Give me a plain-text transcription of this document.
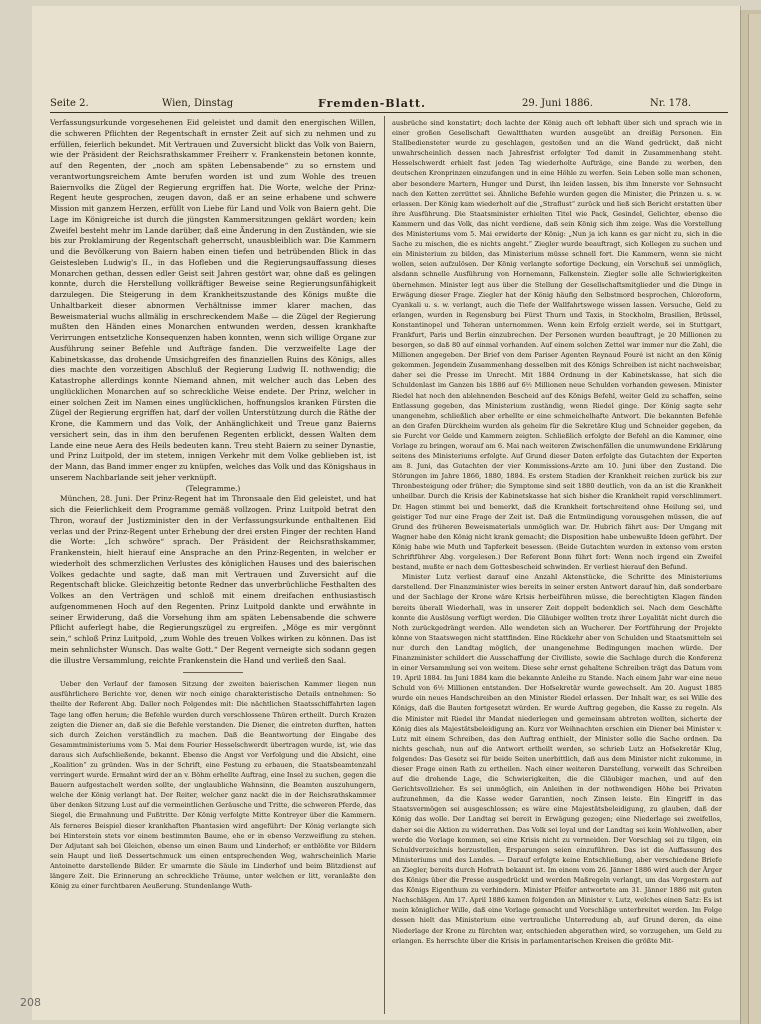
Seite 2.	Wien, Dinstag	Fremden-Blatt.	29. Juni 1886.	Nr. 178.

Verfassungsurkunde vorgesehenen Eid geleistet und damit den energischen Willen, die schweren Pflichten der Regentschaft in ernster Zeit auf sich zu nehmen und zu erfüllen, feierlich bekundet. Mit Vertrauen und Zuversicht blickt das Volk von Baiern, wie der Präsident der Reichsrathskammer Freiherr v. Frankenstein betonen konnte, auf den Regenten, der „noch am späten Lebensabende“ zu so ernstem und verantwortungsreichem Amte berufen worden ist und zum Wohle des treuen Baiernvolks die Zügel der Regierung ergriffen hat. Die Worte, welche der Prinz-Regent heute gesprochen, zeugen davon, daß er an seine erhabene und schwere Mission mit ganzem Herzen, erfüllt von Liebe für Land und Volk von Baiern geht. Die Lage im Königreiche ist durch die jüngsten Kammersitzungen geklärt worden; kein Zweifel besteht mehr im Lande darüber, daß eine Änderung in den Zuständen, wie sie bis zur Proklamirung der Regentschaft geherrscht, unausbleiblich war. Die Kammern und die Bevölkerung von Baiern haben einen tiefen und betrübenden Blick in das Geistesleben Ludwig's II., in das Hofleben und die Regierungsauffassung dieses Monarchen gethan, dessen edler Geist seit Jahren gestört war, ohne daß es gelingen konnte, durch die Herstellung vollkräftiger Beweise seine Regierungsunfähigkeit darzulegen. Die Steigerung in dem Krankheitszustande des Königs mußte die Unhaltbarkeit dieser abnormen Verhältnisse immer klarer machen, das Beweismaterial wuchs allmälig in erschreckendem Maße — die Zügel der Regierung mußten den Händen eines Monarchen entwunden werden, dessen krankhafte Verirrungen entsetzliche Konsequenzen haben konnten, wenn sich willige Organe zur Ausführung seiner Befehle und Aufträge fanden. Die verzweifelte Lage der Kabinetskasse, das drohende Umsichgreifen des finanziellen Ruins des Königs, alles dies machte den vorzeitigen Abschluß der Regierung Ludwig II. nothwendig; die Katastrophe allerdings konnte Niemand ahnen, mit welcher auch das Leben des unglücklichen Monarchen auf so schreckliche Weise endete. Der Prinz, welcher in einer solchen Zeit im Namen eines unglücklichen, hoffnungslos kranken Fürsten die Zügel der Regierung ergriffen hat, darf der vollen Unterstützung durch die Räthe der Krone, die Kammern und das Volk, der Anhänglichkeit und Treue ganz Baierns versichert sein, das in ihm den berufenen Regenten erblickt, dessen Walten dem Lande eine neue Aera des Heils bedeuten kann. Treu steht Baiern zu seiner Dynastie, und Prinz Luitpold, der im stetem, innigen Verkehr mit dem Volke geblieben ist, ist der Mann, das Band immer enger zu knüpfen, welches das Volk und das Königshaus in unserem Nachbarlande seit jeher verknüpft.

(Telegramme.)

München, 28. Juni. Der Prinz-Regent hat im Thronsaale den Eid geleistet, und hat sich die Feierlichkeit dem Programme gemäß vollzogen. Prinz Luitpold betrat den Thron, worauf der Justizminister den in der Verfassungsurkunde enthaltenen Eid verlas und der Prinz-Regent unter Erhebung der drei ersten Finger der rechten Hand die Worte: „Ich schwöre“ sprach. Der Präsident der Reichsrathskammer, Frankenstein, hielt hierauf eine Ansprache an den Prinz-Regenten, in welcher er wiederholt des schmerzlichen Verlustes des königlichen Hauses und des baierischen Volkes gedachte und sagte, daß man mit Vertrauen und Zuversicht auf die Regentschaft blicke. Gleichzeitig betonte Redner das unverbrüchliche Festhalten des Volkes an den Verträgen und schloß mit einem dreifachen enthusiastisch aufgenommenen Hoch auf den Regenten. Prinz Luitpold dankte und erwähnte in seiner Erwiderung, daß die Vorsehung ihm am späten Lebensabende die schwere Pflicht auferlegt habe, die Regierungszügel zu ergreifen. „Möge es mir vergönnt sein,“ schloß Prinz Luitpold, „zum Wohle des treuen Volkes wirken zu können. Das ist mein sehnlichster Wunsch. Das walte Gott.“ Der Regent verneigte sich sodann gegen die illustre Versammlung, reichte Frankenstein die Hand und verließ den Saal.

Ueber den Verlauf der famosen Sitzung der zweiten baierischen Kammer liegen nun ausführlichere Berichte vor, denen wir noch einige charakteristische Details entnehmen: So theilte der Referent Abg. Daller noch Folgendes mit: Die nächtlichen Staatsschiffahrten lagen Tage lang offen herum; die Befehle wurden durch verschlossene Thüren ertheilt. Durch Krazen zeigten die Diener an, daß sie die Befehle verstanden. Die Diener, die eintreten durften, hatten sich durch Zeichen verständlich zu machen. Daß die Beantwortung der Eingabe des Gesammtministeriums vom 5. Mai dem Fourier Hesselschwerdt übertragen wurde, ist, wie das daraus sich Aufschließende, bekannt. Ebenso die Angst vor Verfolgung und die Absicht, eine „Koalition“ zu gründen. Was in der Schrift, eine Festung zu erbauen, die Staatsbeamtenzahl verringert wurde. Ermahnt wird der an v. Böhm erhellte Auftrag, eine Insel zu suchen, gegen die Bauern aufgestachelt werden sollte, der unglaubliche Wahnsinn, die Beamten auszuhungern, welche der König verlangt hat. Der Reiter, welcher ganz nackt die in der Reichsrathskammer über denken Sitzung Lust auf die vermeintlichen Geräusche und Tritte, die schweren Pferde, das Siegel, die Ermahnung und Fußtritte. Der König verfolgte Mitte Kontreyer über die Kammern. Als ferneres Beispiel dieser krankhaften Phantasien wird angeführt: Der König verlangte sich bei Hinterstein stets vor einem bestimmten Baume, ehe er in ebenso Verzweiflung zu stehen. Der Adjutant sah bei Gleichen, ebenso um einen Baum und Linderhof; er entblößte vor Bildern sein Haupt und ließ Dessertschmuck um einen entsprechenden Weg, wahrscheinlich Marie Antoinette darstellende Bilder. Er umarmte die Säule im Linderhof und beim Blitzdienst auf längere Zeit. Die Erinnerung an schreckliche Träume, unter welchen er litt, veranlaßte den König zu einer furchtbaren Aeußerung. Stundenlange Wuth-

ausbrüche sind konstatirt; doch lachte der König auch oft lebhaft über sich und sprach wie in einer großen Gesellschaft Gewaltthaten wurden ausgeübt an dreißig Personen. Ein Stallbediensteter wurde zu geschlagen, gestoßen und an die Wand gedrückt, daß nicht unwahrscheinlich dessen nach Jahresfrist erfolgter Tod damit in Zusammenhang steht. Hesselschwerdt erhielt fast jeden Tag wiederholte Aufträge, eine Bande zu werben, den deutschen Kronprinzen einzufangen und in eine Höhle zu werfen. Sein Leben solle man schonen, aber besondere Martern, Hunger und Durst, ihn leiden lassen, bis ihm Innerste vor Sehnsucht nach den Ketten zerrüttet sei. Ähnliche Befehle wurden gegen die Minister, die Prinzen u. s. w. erlassen. Der König kam wiederholt auf die „Straflust“ zurück und ließ sich Bericht erstatten über ihre Ausführung. Die Staatsminister erhielten Titel wie Pack, Gesindel, Gelichter, ebenso die Kammern und das Volk, das nicht verdiene, daß sein König sich ihm zeige. Was die Vorstellung des Ministeriums vom 5. Mai erwiderte der König: „Nun ja ich kann es gar nicht zu, sich in die Sache zu mischen, die es nichts angeht.“ Ziegler wurde beauftragt, sich Kollegen zu suchen und ein Ministerium zu bilden, das Ministerium müsse schnell fort. Die Kammern, wenn sie nicht wollen, seien aufzulösen. Der König verlangte sofortige Deckung, ein Vorschuß sei unmöglich, alsdann schnelle Ausführung von Hornemann, Falkenstein. Ziegler solle alle Schwierigkeiten übernehmen. Minister legt aus über die Stellung der Gesellschaftsmitglieder und die Dinge in Erwägung dieser Frage. Ziegler hat der König häufig den Selbstmord besprochen, Chloroform, Cyankali u. s. w. verlangt, auch die Tiefe der Wallfahrtswege wissen lassen. Versuche, Geld zu erlangen, wurden in Regensburg bei Fürst Thurn und Taxis, in Stockholm, Brasilien, Brüssel, Konstantinopel und Teheran unternommen. Wenn kein Erfolg erzielt werde, sei in Stuttgart, Frankfurt, Paris und Berlin einzubrechen. Der Personen wurden beauftragt, je 20 Millionen zu besorgen, so daß 80 auf einmal vorhanden. Auf einem solchen Zettel war immer nur die Zahl, die Millionen angegeben. Der Brief von dem Pariser Agenten Reynaud Fouré ist nicht an den König gekommen. Jegendein Zusammenhang desselben mit des Königs Schreiben ist nicht nachweisbar, daher sei die Presse im Unrecht. Mit 1884 Ordnung in der Kabinetskasse, hat sich die Schuldenlast im Ganzen bis 1886 auf 6½ Millionen neue Schulden vorhanden gewesen. Minister Riedel hat noch den ablehnenden Bescheid auf des Königs Befehl, weiter Geld zu schaffen, seine Entlassung gegeben, das Ministerium zuständig, wenn Riedel ginge. Der König sagte sehr unangenehm, schließlich aber erhellte er eine schmeichelhafte Antwort. Die bekannten Befehle an den Grafen Dürckheim wurden als geheim für die Sekretäre Klug und Schneider gegeben, da sie Furcht vor Gelde und Kammern zeigten. Schließlich erfolgte der Befehl an die Kammer, eine Vorlage zu bringen, worauf am 6. Mai nach weiteren Zwischenfällen die unumwundene Erklärung seitens des Ministeriums erfolgte. Auf Grund dieser Daten erfolgte das Gutachten der Experten am 8. Juni, das Gutachten der vier Kommissions-Arzte am 10. Juni über den Zustand. Die Störungen im Jahre 1866, 1880, 1884. Es erstem Stadien der Krankheit reichen zurück bis zur Thronbesteigung oder früher; die Symptome sind seit 1880 deutlich, von da an ist die Krankheit unheilbar. Durch die Krisis der Kabinetskasse hat sich bisher die Krankheit rapid verschlimmert. Dr. Hagen stimmt bei und bemerkt, daß die Krankheit fortschreitend ohne Heilung sei, und geistiger Tod nur eine Frage der Zeit ist. Daß die Entmündigung vorausgehen müssen, die auf Grund des früheren Beweismaterials unmöglich war. Dr. Hubrich fährt aus: Der Umgang mit Wagner habe den König nicht krank gemacht; die Disposition habe unbewußte Ideen geführt. Der König habe wie Muth und Tapferkeit besessen. (Beide Gutachten wurden in extenso vom ersten Schriftführer Abg. vorgelesen.) Der Referent Bonn führt fort: Wenn noch irgend ein Zweifel bestand, mußte er nach dem Gottesbescheid schwinden. Er verliest hierauf den Befund.

Minister Lutz verliest darauf eine Anzahl Aktenstücke, die Schritte des Ministeriums darstellend. Der Finanzminister wies bereits in seiner ersten Antwort darauf hin, daß sonderbare und der Sachlage der Krone wäre Krisis herbeiführen müsse, die berechtigten Klagen fänden bereits überall Wiederhall, was in unserer Zeit doppelt bedenklich sei. Nach dem Geschäfte konnte die Auslösung verfügt werden. Die Gläubiger wollten trotz ihrer Loyalität nicht durch die Noth zurückgedrängt werden. Alle wendeten sich an Wucherer. Der Fortführung der Projekte könne von Staatswegen nicht stattfinden. Eine Rückkehr aber von Schulden und Staatsmitteln sei nur durch den Landtag möglich, der unangenehme Bedingungen machen würde. Der Finanzminister schildert die Ausschaffung der Civilliste, sowie die Sachlage durch die Konferenz in einer Versammlung sei von weitem. Diese sehr ernst gehaltene Schreiben trägt das Datum vom 19. April 1884. Im Juni 1884 kam die bekannte Anleihe zu Stande. Nach einem Jahr war eine neue Schuld von 6½ Millionen entstanden. Der Hofsekretär wurde gewechselt. Am 20. August 1885 wurde ein neues Handschreiben an den Minister Riedel erlassen. Der Inhalt war, es sei Wille des Königs, daß die Bauten fortgesetzt würden. Er wurde Auftrag gegeben, die Kasse zu regeln. Als die Minister mit Riedel ihr Mandat niederlegen und gemeinsam abtreten wollten, sicherte der König dies als Majestätsbeleidigung an. Kurz vor Weihnachten erschien ein Diener bei Minister v. Lutz mit einem Schreiben, das den Auftrag enthielt, der Minister solle die Sache ordnen. Da nichts geschah, nun auf die Antwort ertheilt werden, so schrieb Lutz an Hofsekretär Klug, folgendes: Das Gesetz sei für beide Seiten unerbittlich, daß aus dem Minister nicht zukomme, in dieser Frage einen Rath zu ertheilen. Nach einer weiteren Darstellung, verweilt das Schreiben auf die drohende Lage, die Schwierigkeiten, die die Gläubiger machen, und auf den Gerichtsvollzieher. Es sei unmöglich, ein Anleihen in der nothwendigen Höhe bei Privaten aufzunehmen, da die Kasse weder Garantien, noch Zinsen leiste. Ein Eingriff in das Staatsvermögen sei ausgeschlossen; es wäre eine Majestätsbeleidigung, zu glauben, daß der König das wolle. Der Landtag sei bereit in Erwägung gezogen; eine Niederlage sei zweifellos, daher sei die Aktion zu widerrathen. Das Volk sei loyal und der Landtag sei kein Wohlwollen, aber werde die Vorlage kommen, sei eine Krisis nicht zu vermeiden. Der Vorschlag sei zu tilgen, ein Schuldverzeichnis herzustellen, Ersparungen seien einzuführen. Das ist die Auffassung des Ministeriums und des Landes. — Darauf erfolgte keine Entschließung, aber verschiedene Briefe an Ziegler, bereits durch Hofrath bekannt ist. Im einem vom 26. Jänner 1886 wird auch der Ärger des Königs über die Presse ausgedrückt und werden Maßregeln verlangt, um das Vorgestern auf das Königs Eigenthum zu verhindern. Minister Pfeifer antwortete am 31. Jänner 1886 mit guten Nachschlägen. Am 17. April 1886 kamen folgenden an Minister v. Lutz, welches einen Satz: Es ist mein königlicher Wille, daß eine Vorlage gemacht und Vorschläge unterbreitet werden. Im Folge dessen hielt das Ministerium eine vertrauliche Unterredung ab, auf Grund deren, da eine Niederlage der Krone zu fürchten war, entschieden abgerathen wird, so vorzugehen, um Geld zu erlangen. Es herrschte über die Krisis in parlamentarischen Kreisen die größte Mit-

208
